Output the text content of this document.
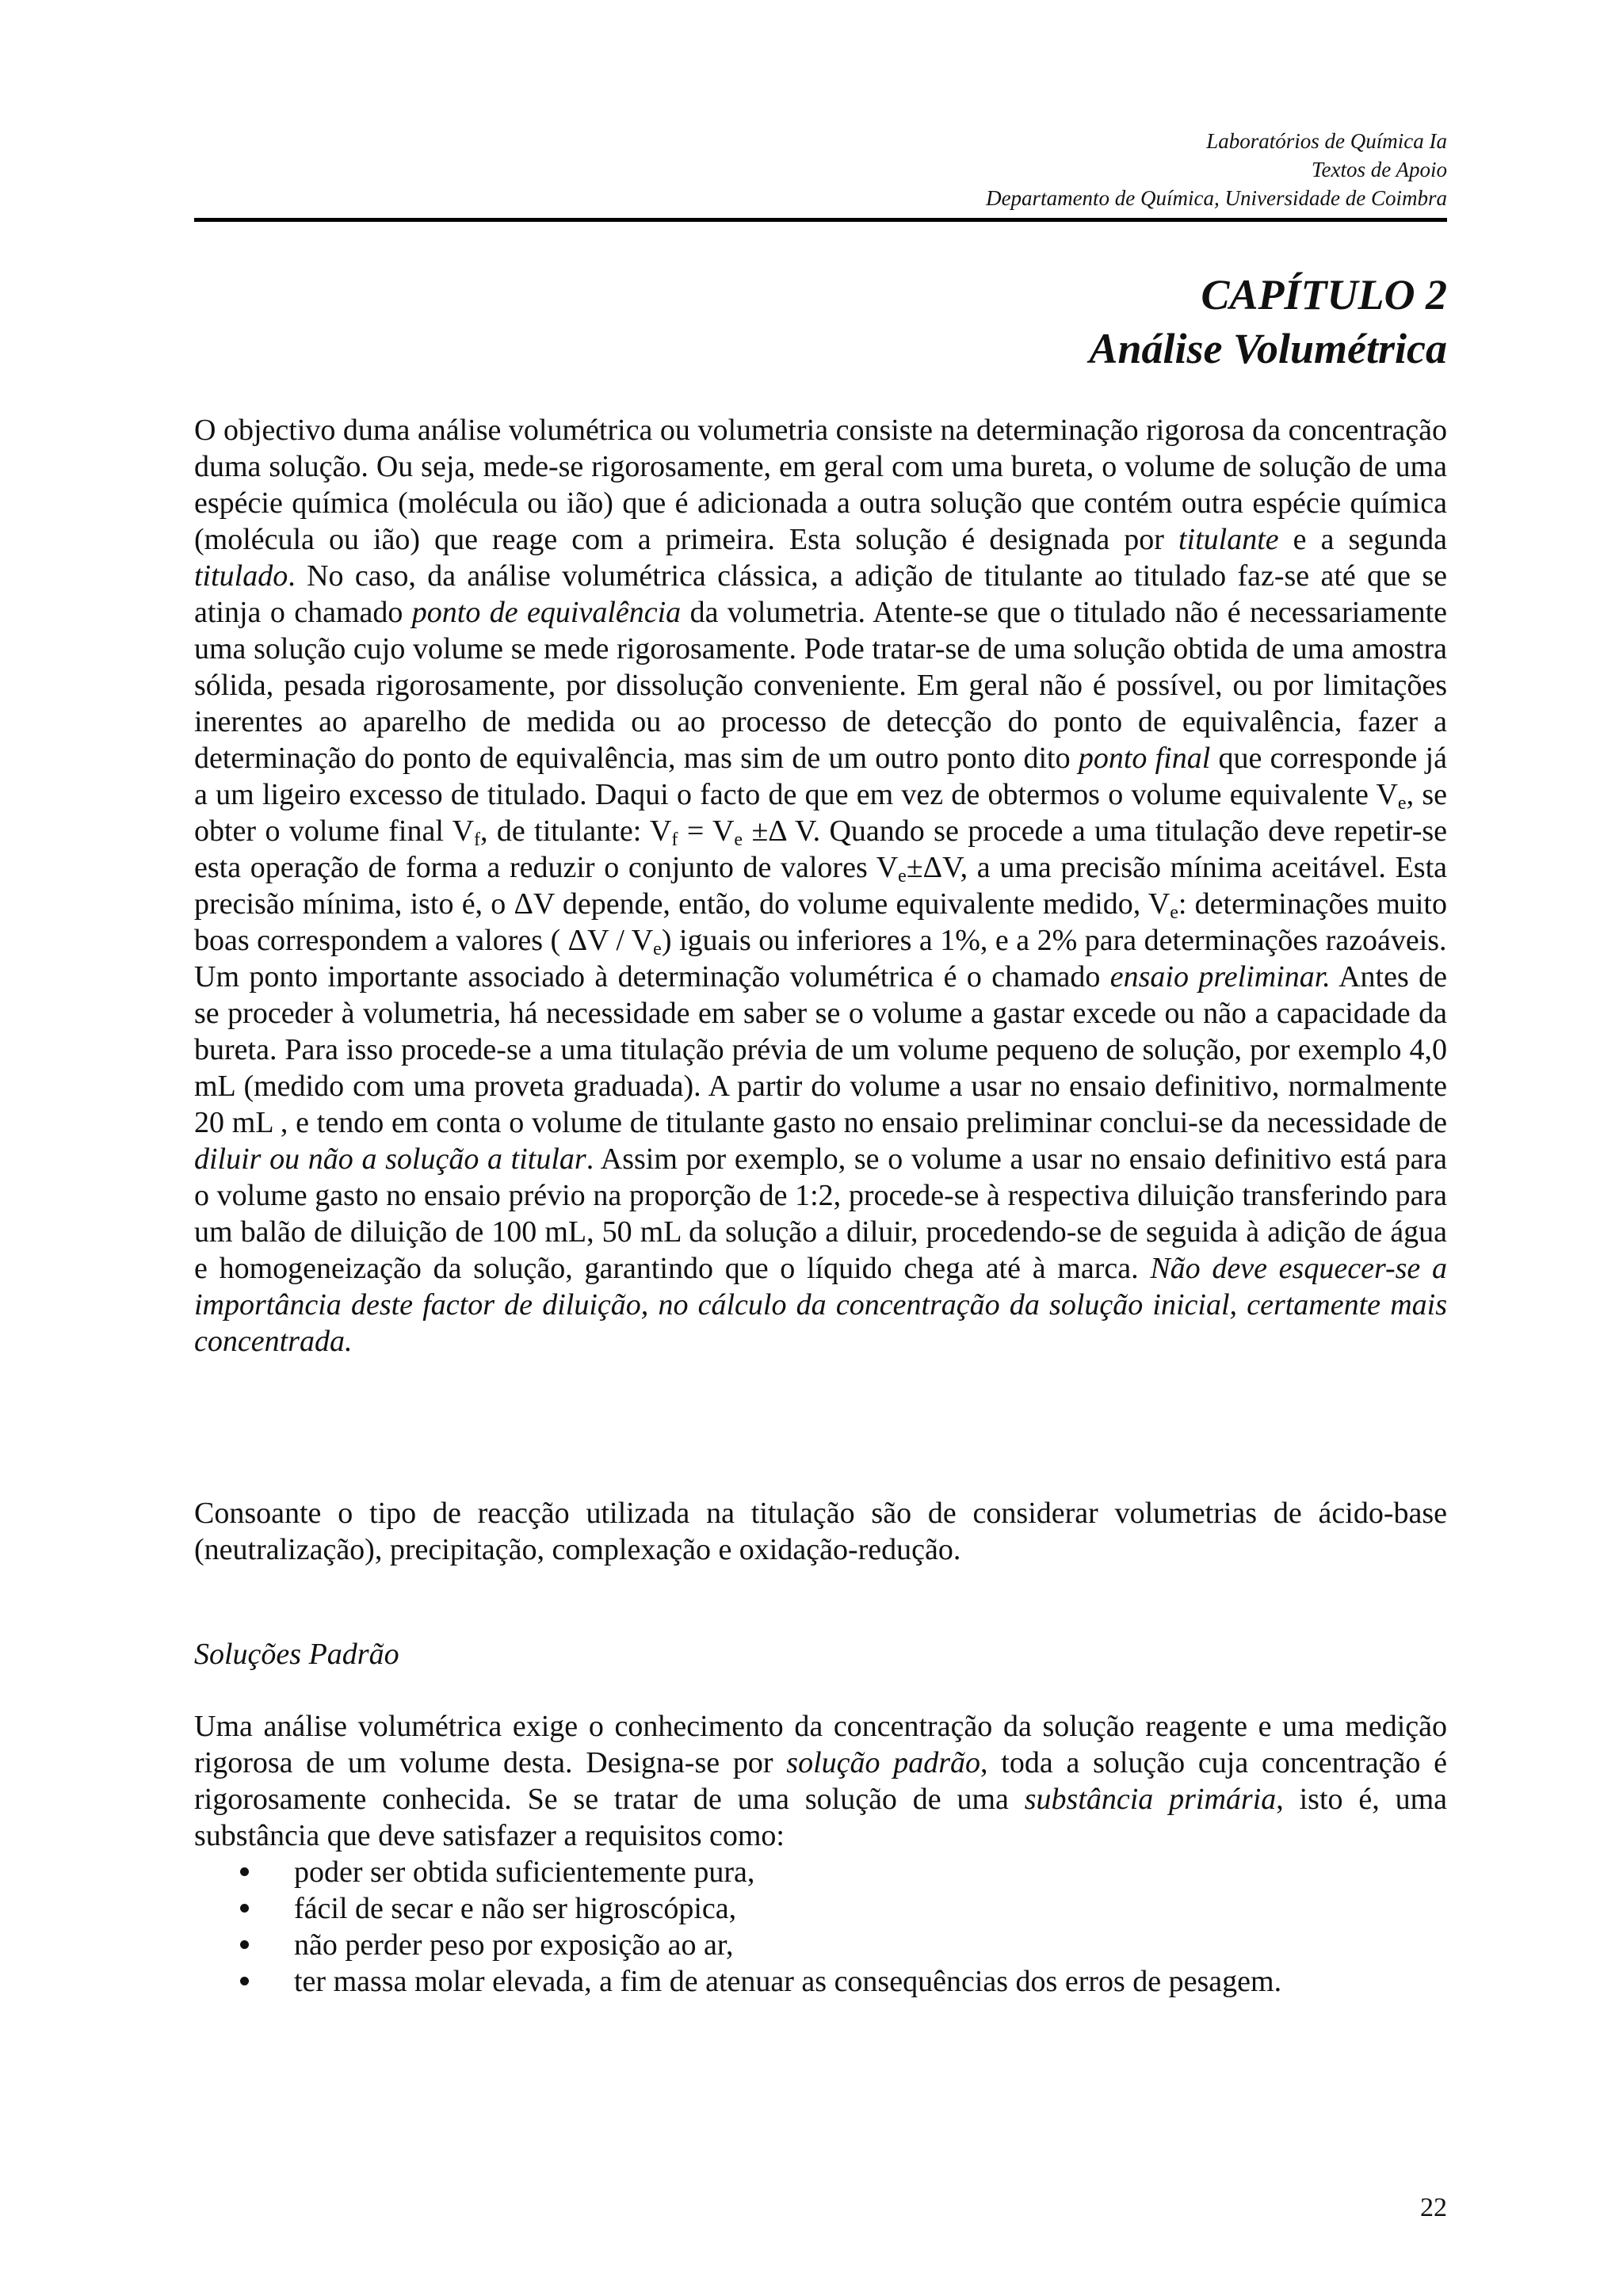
Laboratórios de Química Ia
Textos de Apoio
Departamento de Química, Universidade de Coimbra
CAPÍTULO 2
Análise Volumétrica

O objectivo duma análise volumétrica ou volumetria consiste na determinação rigorosa da concentração duma solução. Ou seja, mede-se rigorosamente, em geral com uma bureta, o volume de solução de uma espécie química (molécula ou ião) que é adicionada a outra solução que contém outra espécie química (molécula ou ião) que reage com a primeira. Esta solução é designada por titulante e a segunda titulado. No caso, da análise volumétrica clássica, a adição de titulante ao titulado faz-se até que se atinja o chamado ponto de equivalência da volumetria. Atente-se que o titulado não é necessariamente uma solução cujo volume se mede rigorosamente. Pode tratar-se de uma solução obtida de uma amostra sólida, pesada rigorosamente, por dissolução conveniente. Em geral não é possível, ou por limitações inerentes ao aparelho de medida ou ao processo de detecção do ponto de equivalência, fazer a determinação do ponto de equivalência, mas sim de um outro ponto dito ponto final que corresponde já a um ligeiro excesso de titulado. Daqui o facto de que em vez de obtermos o volume equivalente $V_e$, se obter o volume final $V_f$, de titulante: $V_f = V_e \pm\Delta$ V. Quando se procede a uma titulação deve repetir-se esta operação de forma a reduzir o conjunto de valores $V_e\pm\Delta V$, a uma precisão mínima aceitável. Esta precisão mínima, isto é, o ΔV depende, então, do volume equivalente medido, $V_e$: determinações muito boas correspondem a valores ( ΔV / $V_e$) iguais ou inferiores a 1%, e a 2% para determinações razoáveis.

Um ponto importante associado à determinação volumétrica é o chamado ensaio preliminar. Antes de se proceder à volumetria, há necessidade em saber se o volume a gastar excede ou não a capacidade da bureta. Para isso procede-se a uma titulação prévia de um volume pequeno de solução, por exemplo 4,0 mL (medido com uma proveta graduada). A partir do volume a usar no ensaio definitivo, normalmente 20 mL , e tendo em conta o volume de titulante gasto no ensaio preliminar conclui-se da necessidade de diluir ou não a solução a titular. Assim por exemplo, se o volume a usar no ensaio definitivo está para o volume gasto no ensaio prévio na proporção de 1:2, procede-se à respectiva diluição transferindo para um balão de diluição de 100 mL, 50 mL da solução a diluir, procedendo-se de seguida à adição de água e homogeneização da solução, garantindo que o líquido chega até à marca. Não deve esquecer-se a importância deste factor de diluição, no cálculo da concentração da solução inicial, certamente mais concentrada.

Consoante o tipo de reacção utilizada na titulação são de considerar volumetrias de ácido-base (neutralização), precipitação, complexação e oxidação-redução.

Soluções Padrão

Uma análise volumétrica exige o conhecimento da concentração da solução reagente e uma medição rigorosa de um volume desta. Designa-se por solução padrão, toda a solução cuja concentração é rigorosamente conhecida. Se se tratar de uma solução de uma substância primária, isto é, uma substância que deve satisfazer a requisitos como:

poder ser obtida suficientemente pura,
fácil de secar e não ser higroscópica,
não perder peso por exposição ao ar,
ter massa molar elevada, a fim de atenuar as consequências dos erros de pesagem.
22
